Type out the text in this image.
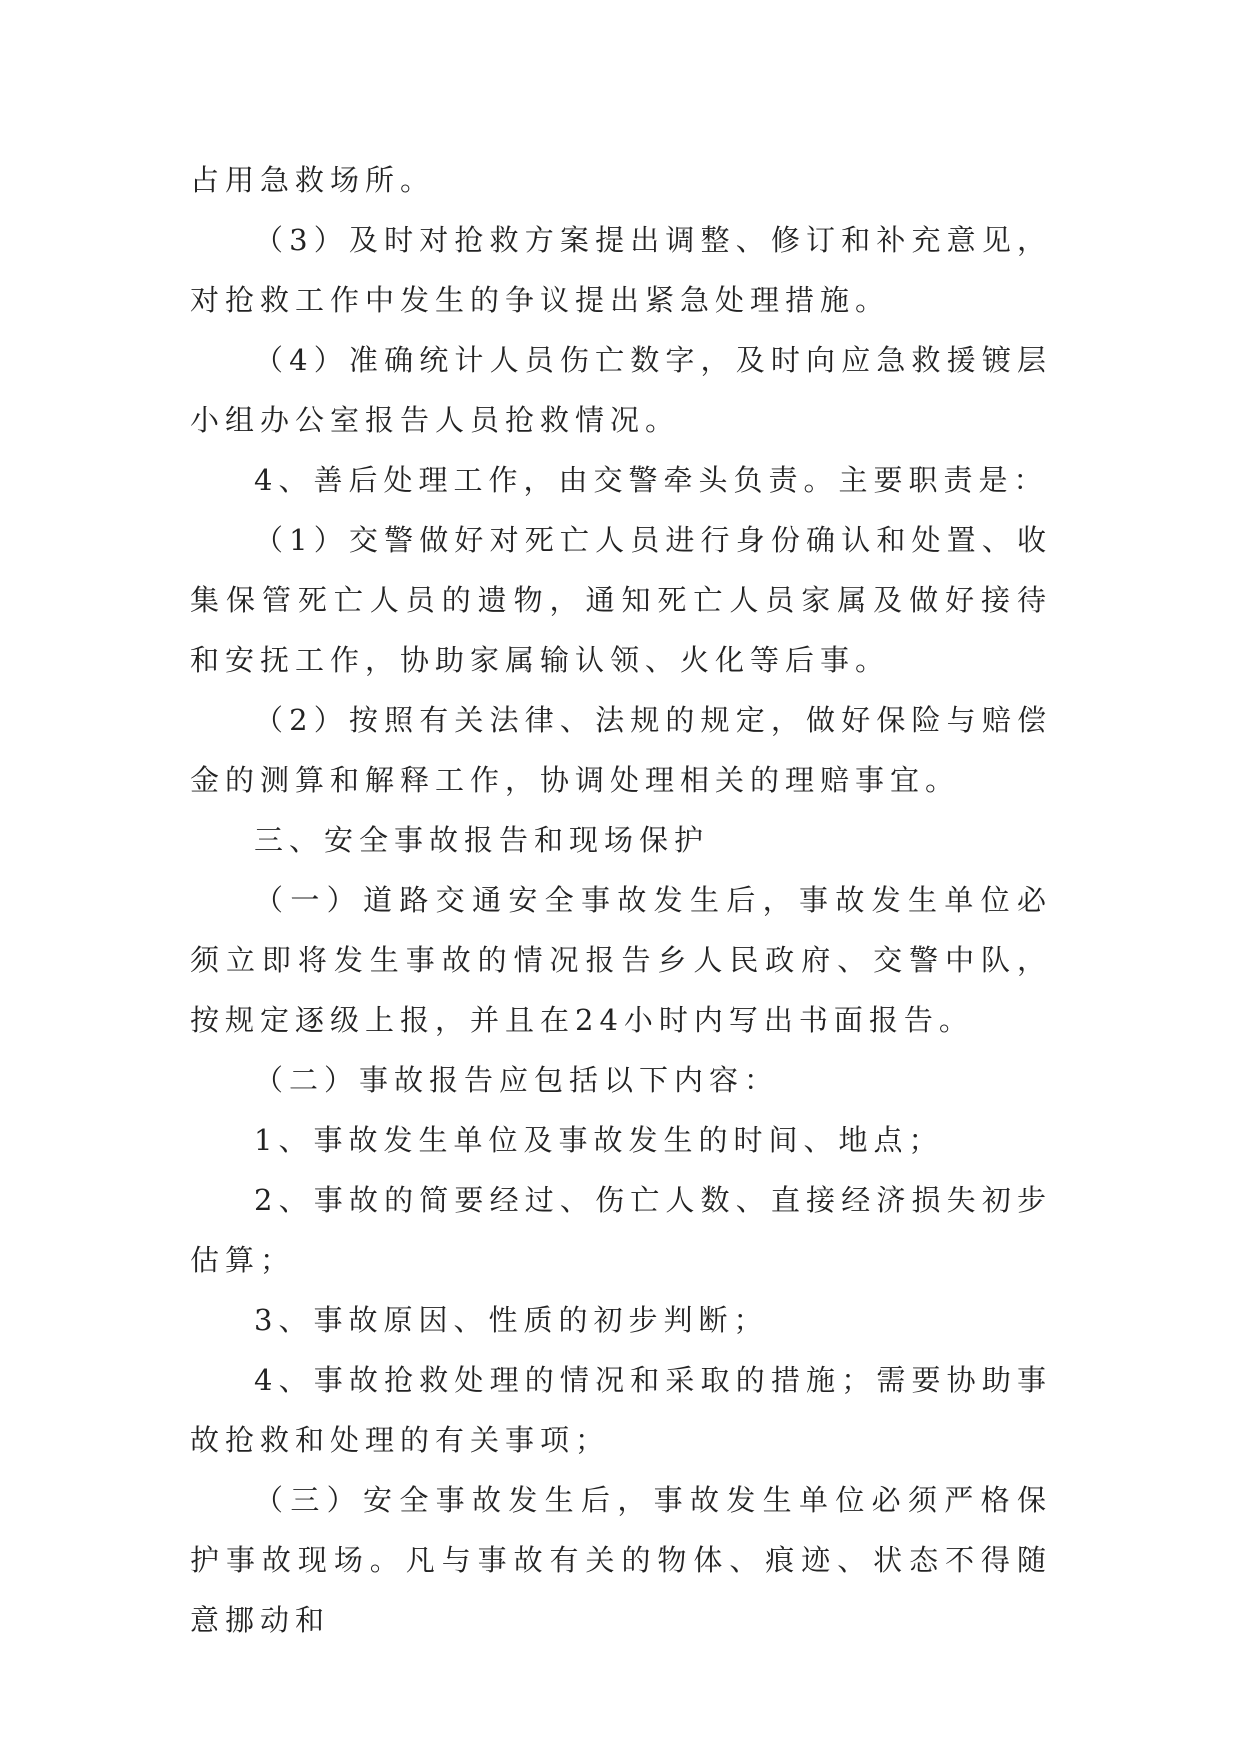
占用急救场所。

（3）及时对抢救方案提出调整、修订和补充意见，对抢救工作中发生的争议提出紧急处理措施。

（4）准确统计人员伤亡数字，及时向应急救援镀层小组办公室报告人员抢救情况。

4、善后处理工作，由交警牵头负责。主要职责是：

（1）交警做好对死亡人员进行身份确认和处置、收集保管死亡人员的遗物，通知死亡人员家属及做好接待和安抚工作，协助家属输认领、火化等后事。

（2）按照有关法律、法规的规定，做好保险与赔偿金的测算和解释工作，协调处理相关的理赔事宜。

三、安全事故报告和现场保护

（一）道路交通安全事故发生后，事故发生单位必须立即将发生事故的情况报告乡人民政府、交警中队，按规定逐级上报，并且在24小时内写出书面报告。

（二）事故报告应包括以下内容：

1、事故发生单位及事故发生的时间、地点；

2、事故的简要经过、伤亡人数、直接经济损失初步估算；

3、事故原因、性质的初步判断；

4、事故抢救处理的情况和采取的措施；需要协助事故抢救和处理的有关事项；

（三）安全事故发生后，事故发生单位必须严格保护事故现场。凡与事故有关的物体、痕迹、状态不得随意挪动和
